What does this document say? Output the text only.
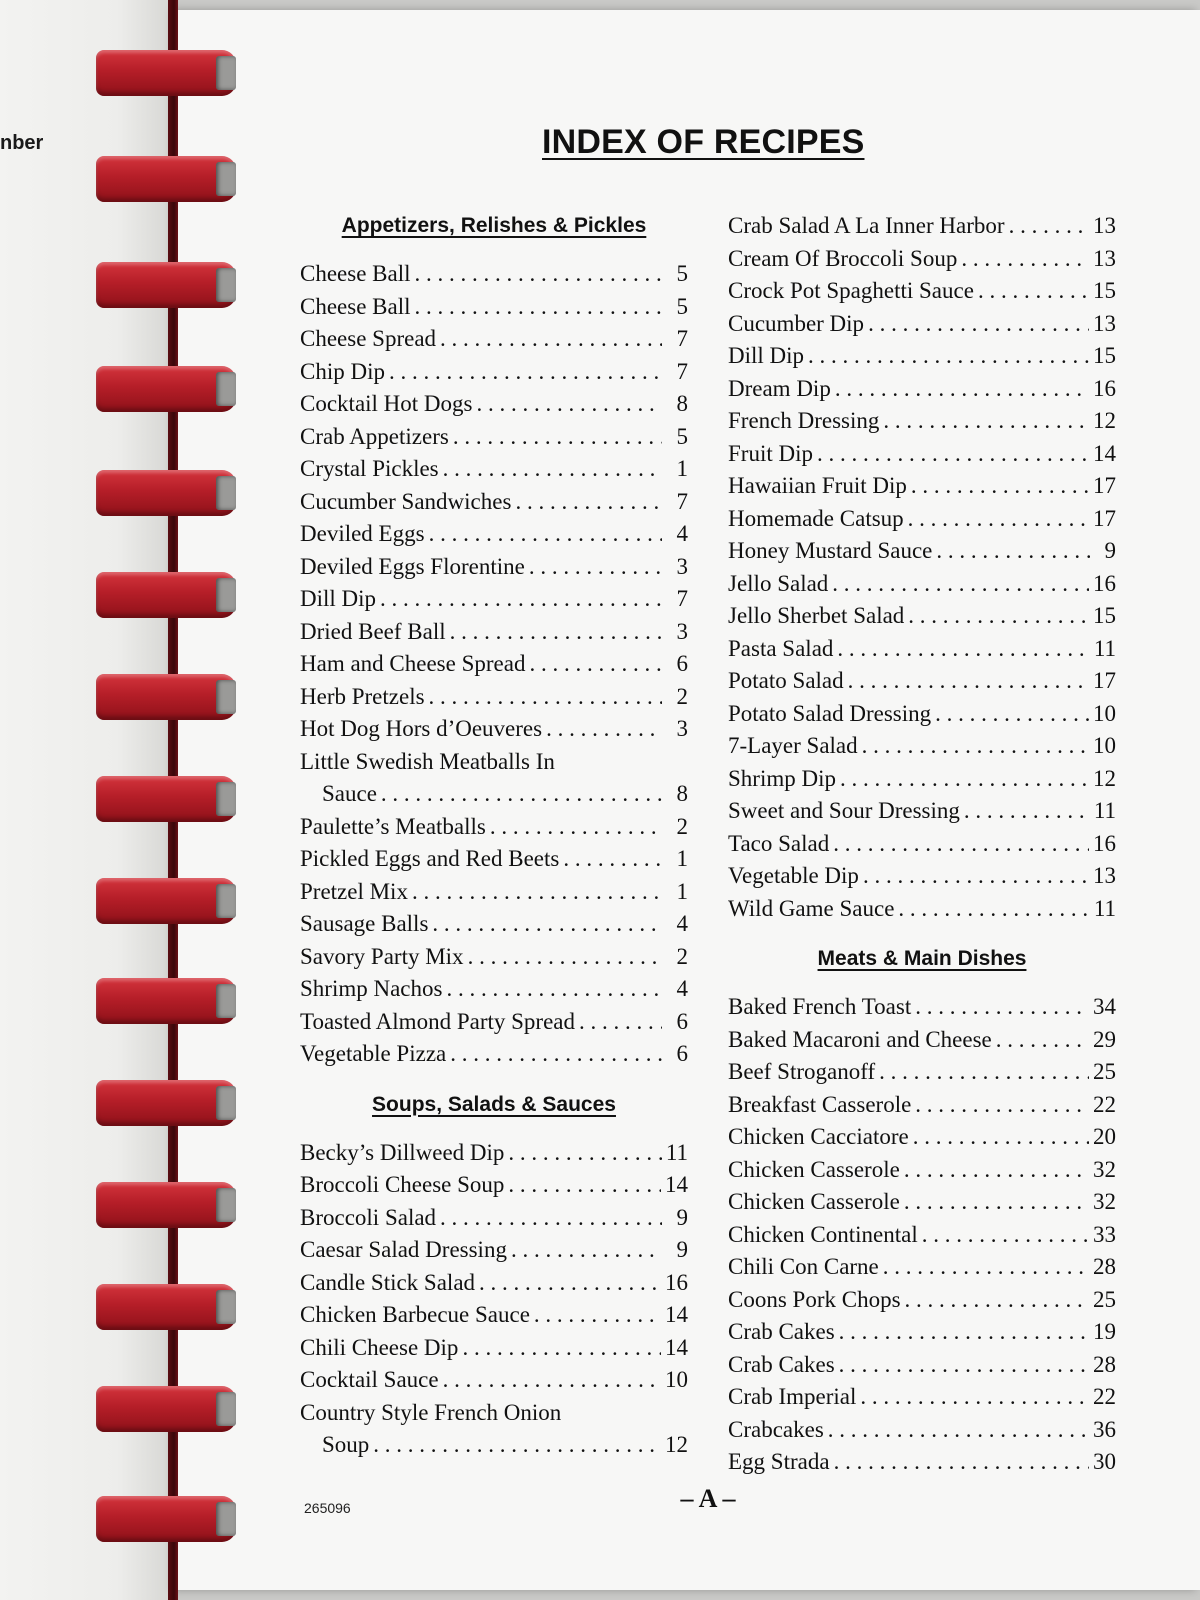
nber	INDEX OF RECIPES
Appetizers, Relishes & Pickles
Cheese Ball . . .	5
Cheese Ball . . .	5
Cheese Spread . . .	7
Chip Dip . . .	7
Cocktail Hot Dogs . . .	8
Crab Appetizers . . .	5
Crystal Pickles . . .	1
Cucumber Sandwiches . . .	7
Deviled Eggs . . .	4
Deviled Eggs Florentine . . .	3
Dill Dip . . .	7
Dried Beef Ball . . .	3
Ham and Cheese Spread . . .	6
Herb Pretzels . . .	2
Hot Dog Hors d’Oeuveres . . .	3
Little Swedish Meatballs In
Sauce . . .	8
Paulette’s Meatballs . . .	2
Pickled Eggs and Red Beets . . .	1
Pretzel Mix . . .	1
Sausage Balls . . .	4
Savory Party Mix . . .	2
Shrimp Nachos . . .	4
Toasted Almond Party Spread . . .	6
Vegetable Pizza . . .	6
Soups, Salads & Sauces
Becky’s Dillweed Dip . . .	11
Broccoli Cheese Soup . . .	14
Broccoli Salad . . .	9
Caesar Salad Dressing . . .	9
Candle Stick Salad . . .	16
Chicken Barbecue Sauce . . .	14
Chili Cheese Dip . . .	14
Cocktail Sauce . . .	10
Country Style French Onion
Soup . . .	12
Crab Salad A La Inner Harbor . . .	13
Cream Of Broccoli Soup . . .	13
Crock Pot Spaghetti Sauce . . .	15
Cucumber Dip . . .	13
Dill Dip . . .	15
Dream Dip . . .	16
French Dressing . . .	12
Fruit Dip . . .	14
Hawaiian Fruit Dip . . .	17
Homemade Catsup . . .	17
Honey Mustard Sauce . . .	9
Jello Salad . . .	16
Jello Sherbet Salad . . .	15
Pasta Salad . . .	11
Potato Salad . . .	17
Potato Salad Dressing . . .	10
7-Layer Salad . . .	10
Shrimp Dip . . .	12
Sweet and Sour Dressing . . .	11
Taco Salad . . .	16
Vegetable Dip . . .	13
Wild Game Sauce . . .	11
Meats & Main Dishes
Baked French Toast . . .	34
Baked Macaroni and Cheese . . .	29
Beef Stroganoff . . .	25
Breakfast Casserole . . .	22
Chicken Cacciatore . . .	20
Chicken Casserole . . .	32
Chicken Casserole . . .	32
Chicken Continental . . .	33
Chili Con Carne . . .	28
Coons Pork Chops . . .	25
Crab Cakes . . .	19
Crab Cakes . . .	28
Crab Imperial . . .	22
Crabcakes . . .	36
Egg Strada . . .	30
265096	– A –
